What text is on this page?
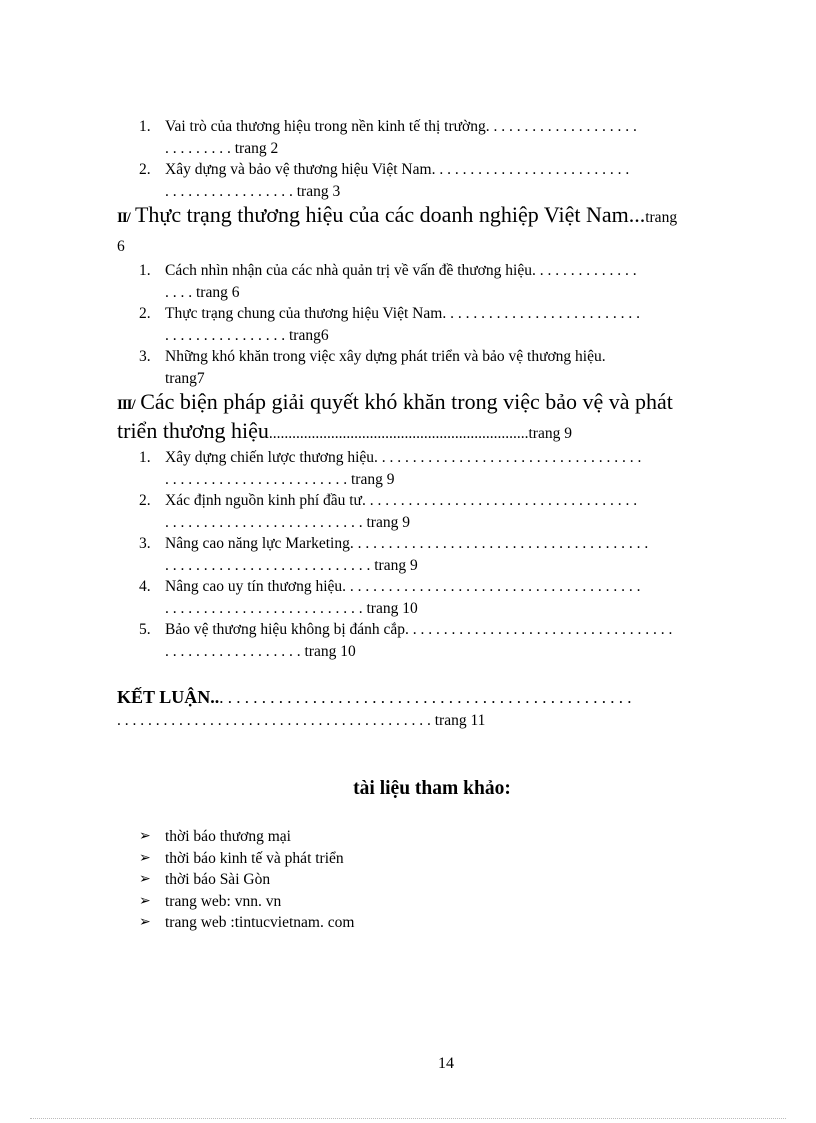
1. Vai trò của thương hiệu trong nền kinh tế thị trường. . . . . . . . . . . . . . . . . . . .
. . . . . . . . . trang 2
2. Xây dựng và bảo vệ thương hiệu Việt Nam. . . . . . . . . . . . . . . . . . . . . . . . . .
. . . . . . . . . . . . . . . . . trang 3
II/ Thực trạng thương hiệu của các doanh nghiệp Việt Nam...trang
6
1. Cách nhìn nhận của các nhà quản trị về vấn đề thương hiệu. . . . . . . . . . . . . .
. . . . trang 6
2. Thực trạng chung của thương hiệu Việt Nam. . . . . . . . . . . . . . . . . . . . . . . . . .
. . . . . . . . . . . . . . . . trang6
3. Những khó khăn trong việc xây dựng phát triển và bảo vệ thương hiệu.
trang7
III/ Các biện pháp giải quyết khó khăn trong việc bảo vệ và phát
triển thương hiệu...................................................................trang 9
1. Xây dựng chiến lược thương hiệu. . . . . . . . . . . . . . . . . . . . . . . . . . . . . . . . . . .
. . . . . . . . . . . . . . . . . . . . . . . . trang 9
2. Xác định nguồn kinh phí đầu tư. . . . . . . . . . . . . . . . . . . . . . . . . . . . . . . . . . . .
. . . . . . . . . . . . . . . . . . . . . . . . . . trang 9
3. Nâng cao năng lực Marketing. . . . . . . . . . . . . . . . . . . . . . . . . . . . . . . . . . . . . . .
. . . . . . . . . . . . . . . . . . . . . . . . . . . trang 9
4. Nâng cao uy tín thương hiệu. . . . . . . . . . . . . . . . . . . . . . . . . . . . . . . . . . . . . . .
. . . . . . . . . . . . . . . . . . . . . . . . . . trang 10
5. Bảo vệ thương hiệu không bị đánh cắp. . . . . . . . . . . . . . . . . . . . . . . . . . . . . . . . . . .
. . . . . . . . . . . . . . . . . . trang 10
KẾT LUẬN... . . . . . . . . . . . . . . . . . . . . . . . . . . . . . . . . . . . . . . . . . . . . . . . .
. . . . . . . . . . . . . . . . . . . . . . . . . . . . . . . . . . . . . . . . . trang 11
tài liệu tham khảo:
➢ thời báo thương mại
➢ thời báo kinh tế và phát triển
➢ thời báo Sài Gòn
➢ trang web: vnn. vn
➢ trang web :tintucvietnam. com
14
